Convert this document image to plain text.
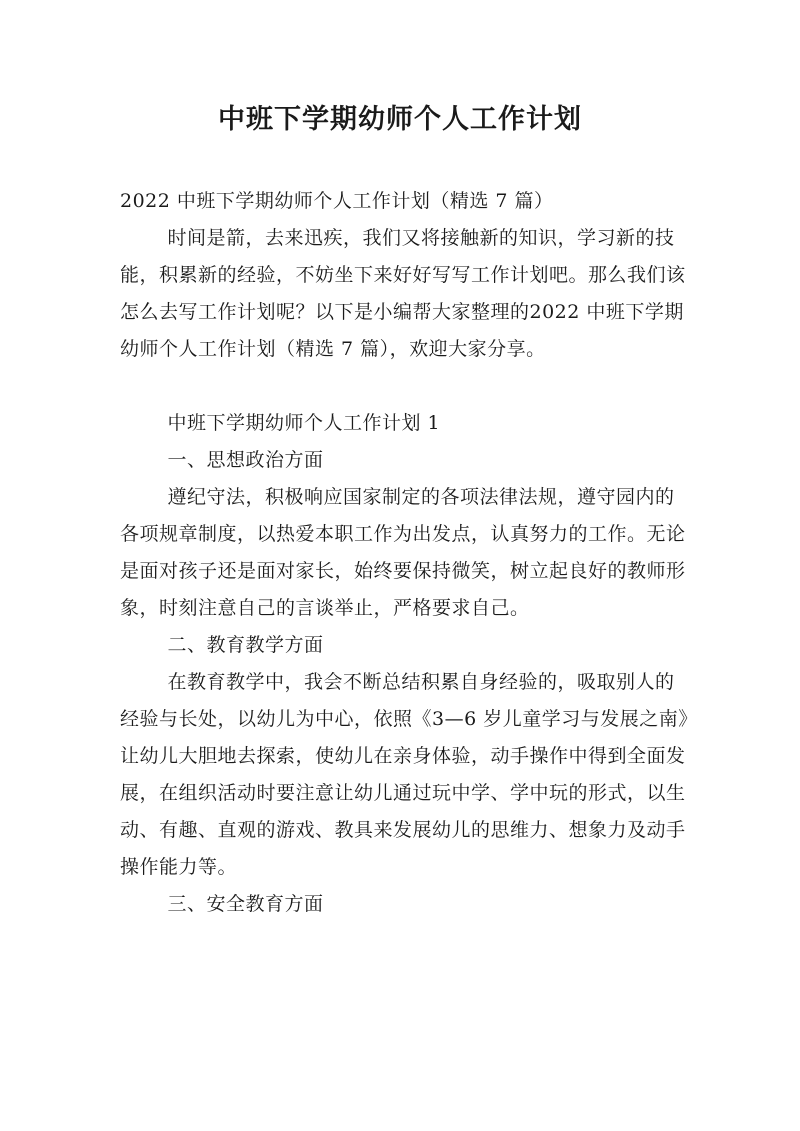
中班下学期幼师个人工作计划

2022 中班下学期幼师个人工作计划（精选 7 篇）

时间是箭，去来迅疾，我们又将接触新的知识，学习新的技能，积累新的经验，不妨坐下来好好写写工作计划吧。那么我们该怎么去写工作计划呢？以下是小编帮大家整理的2022 中班下学期幼师个人工作计划（精选 7 篇），欢迎大家分享。

中班下学期幼师个人工作计划 1

一、思想政治方面

遵纪守法，积极响应国家制定的各项法律法规，遵守园内的各项规章制度，以热爱本职工作为出发点，认真努力的工作。无论是面对孩子还是面对家长，始终要保持微笑，树立起良好的教师形象，时刻注意自己的言谈举止，严格要求自己。

二、教育教学方面

在教育教学中，我会不断总结积累自身经验的，吸取别人的经验与长处，以幼儿为中心，依照《3—6 岁儿童学习与发展之南》让幼儿大胆地去探索，使幼儿在亲身体验，动手操作中得到全面发展，在组织活动时要注意让幼儿通过玩中学、学中玩的形式，以生动、有趣、直观的游戏、教具来发展幼儿的思维力、想象力及动手操作能力等。

三、安全教育方面
